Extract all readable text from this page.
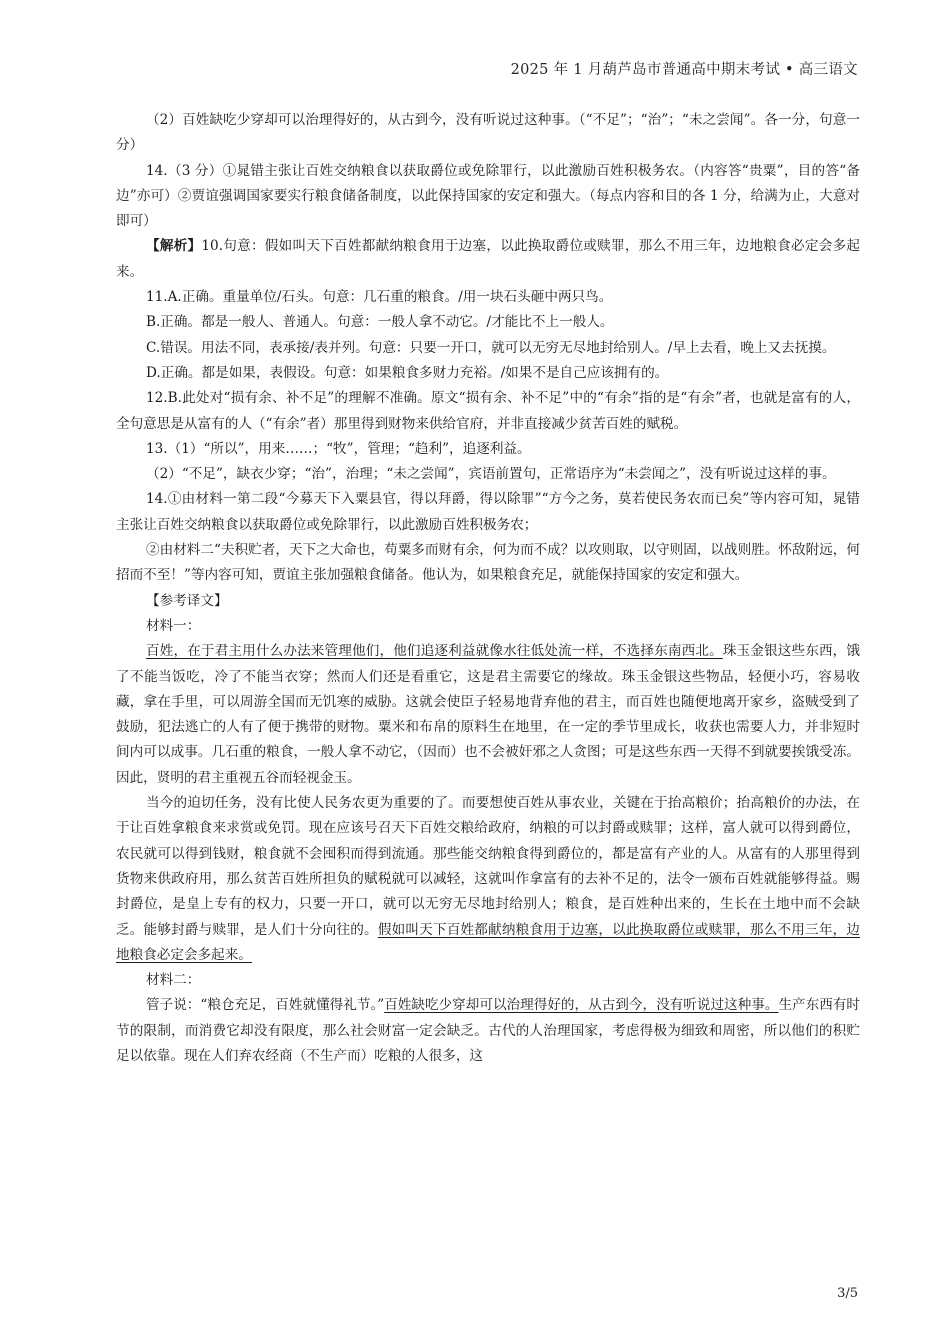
2025 年 1 月葫芦岛市普通高中期末考试 • 高三语文

（2）百姓缺吃少穿却可以治理得好的，从古到今，没有听说过这种事。（“不足”；“治”；“未之尝闻”。各一分，句意一分）

14.（3 分）①晁错主张让百姓交纳粮食以获取爵位或免除罪行，以此激励百姓积极务农。（内容答“贵粟”，目的答“备边”亦可）②贾谊强调国家要实行粮食储备制度，以此保持国家的安定和强大。（每点内容和目的各 1 分，给满为止，大意对即可）

【解析】10.句意：假如叫天下百姓都献纳粮食用于边塞，以此换取爵位或赎罪，那么不用三年，边地粮食必定会多起来。

11.A.正确。重量单位/石头。句意：几石重的粮食。/用一块石头砸中两只鸟。

B.正确。都是一般人、普通人。句意：一般人拿不动它。/才能比不上一般人。

C.错误。用法不同，表承接/表并列。句意：只要一开口，就可以无穷无尽地封给别人。/早上去看，晚上又去抚摸。

D.正确。都是如果，表假设。句意：如果粮食多财力充裕。/如果不是自己应该拥有的。

12.B.此处对“损有余、补不足”的理解不准确。原文“损有余、补不足”中的“有余”指的是“有余”者，也就是富有的人，全句意思是从富有的人（“有余”者）那里得到财物来供给官府，并非直接减少贫苦百姓的赋税。

13.（1）“所以”，用来……；“牧”，管理；“趋利”，追逐利益。

（2）“不足”，缺衣少穿；“治”，治理；“未之尝闻”，宾语前置句，正常语序为“未尝闻之”，没有听说过这样的事。

14.①由材料一第二段“今募天下入粟县官，得以拜爵，得以除罪”“方今之务，莫若使民务农而已矣”等内容可知，晁错主张让百姓交纳粮食以获取爵位或免除罪行，以此激励百姓积极务农；

②由材料二“夫积贮者，天下之大命也，苟粟多而财有余，何为而不成？以攻则取，以守则固，以战则胜。怀敌附远，何招而不至！”等内容可知，贾谊主张加强粮食储备。他认为，如果粮食充足，就能保持国家的安定和强大。

【参考译文】

材料一：

百姓，在于君主用什么办法来管理他们，他们追逐利益就像水往低处流一样，不选择东南西北。珠玉金银这些东西，饿了不能当饭吃，冷了不能当衣穿；然而人们还是看重它，这是君主需要它的缘故。珠玉金银这些物品，轻便小巧，容易收藏，拿在手里，可以周游全国而无饥寒的威胁。这就会使臣子轻易地背弃他的君主，而百姓也随便地离开家乡，盗贼受到了鼓励，犯法逃亡的人有了便于携带的财物。粟米和布帛的原料生在地里，在一定的季节里成长，收获也需要人力，并非短时间内可以成事。几石重的粮食，一般人拿不动它，（因而）也不会被奸邪之人贪图；可是这些东西一天得不到就要挨饿受冻。因此，贤明的君主重视五谷而轻视金玉。

当今的迫切任务，没有比使人民务农更为重要的了。而要想使百姓从事农业，关键在于抬高粮价；抬高粮价的办法，在于让百姓拿粮食来求赏或免罚。现在应该号召天下百姓交粮给政府，纳粮的可以封爵或赎罪；这样，富人就可以得到爵位，农民就可以得到钱财，粮食就不会囤积而得到流通。那些能交纳粮食得到爵位的，都是富有产业的人。从富有的人那里得到货物来供政府用，那么贫苦百姓所担负的赋税就可以减轻，这就叫作拿富有的去补不足的，法令一颁布百姓就能够得益。赐封爵位，是皇上专有的权力，只要一开口，就可以无穷无尽地封给别人；粮食，是百姓种出来的，生长在土地中而不会缺乏。能够封爵与赎罪，是人们十分向往的。假如叫天下百姓都献纳粮食用于边塞，以此换取爵位或赎罪，那么不用三年，边地粮食必定会多起来。

材料二：

管子说：“粮仓充足，百姓就懂得礼节。”百姓缺吃少穿却可以治理得好的，从古到今，没有听说过这种事。生产东西有时节的限制，而消费它却没有限度，那么社会财富一定会缺乏。古代的人治理国家，考虑得极为细致和周密，所以他们的积贮足以依靠。现在人们弃农经商（不生产而）吃粮的人很多，这

3/5
